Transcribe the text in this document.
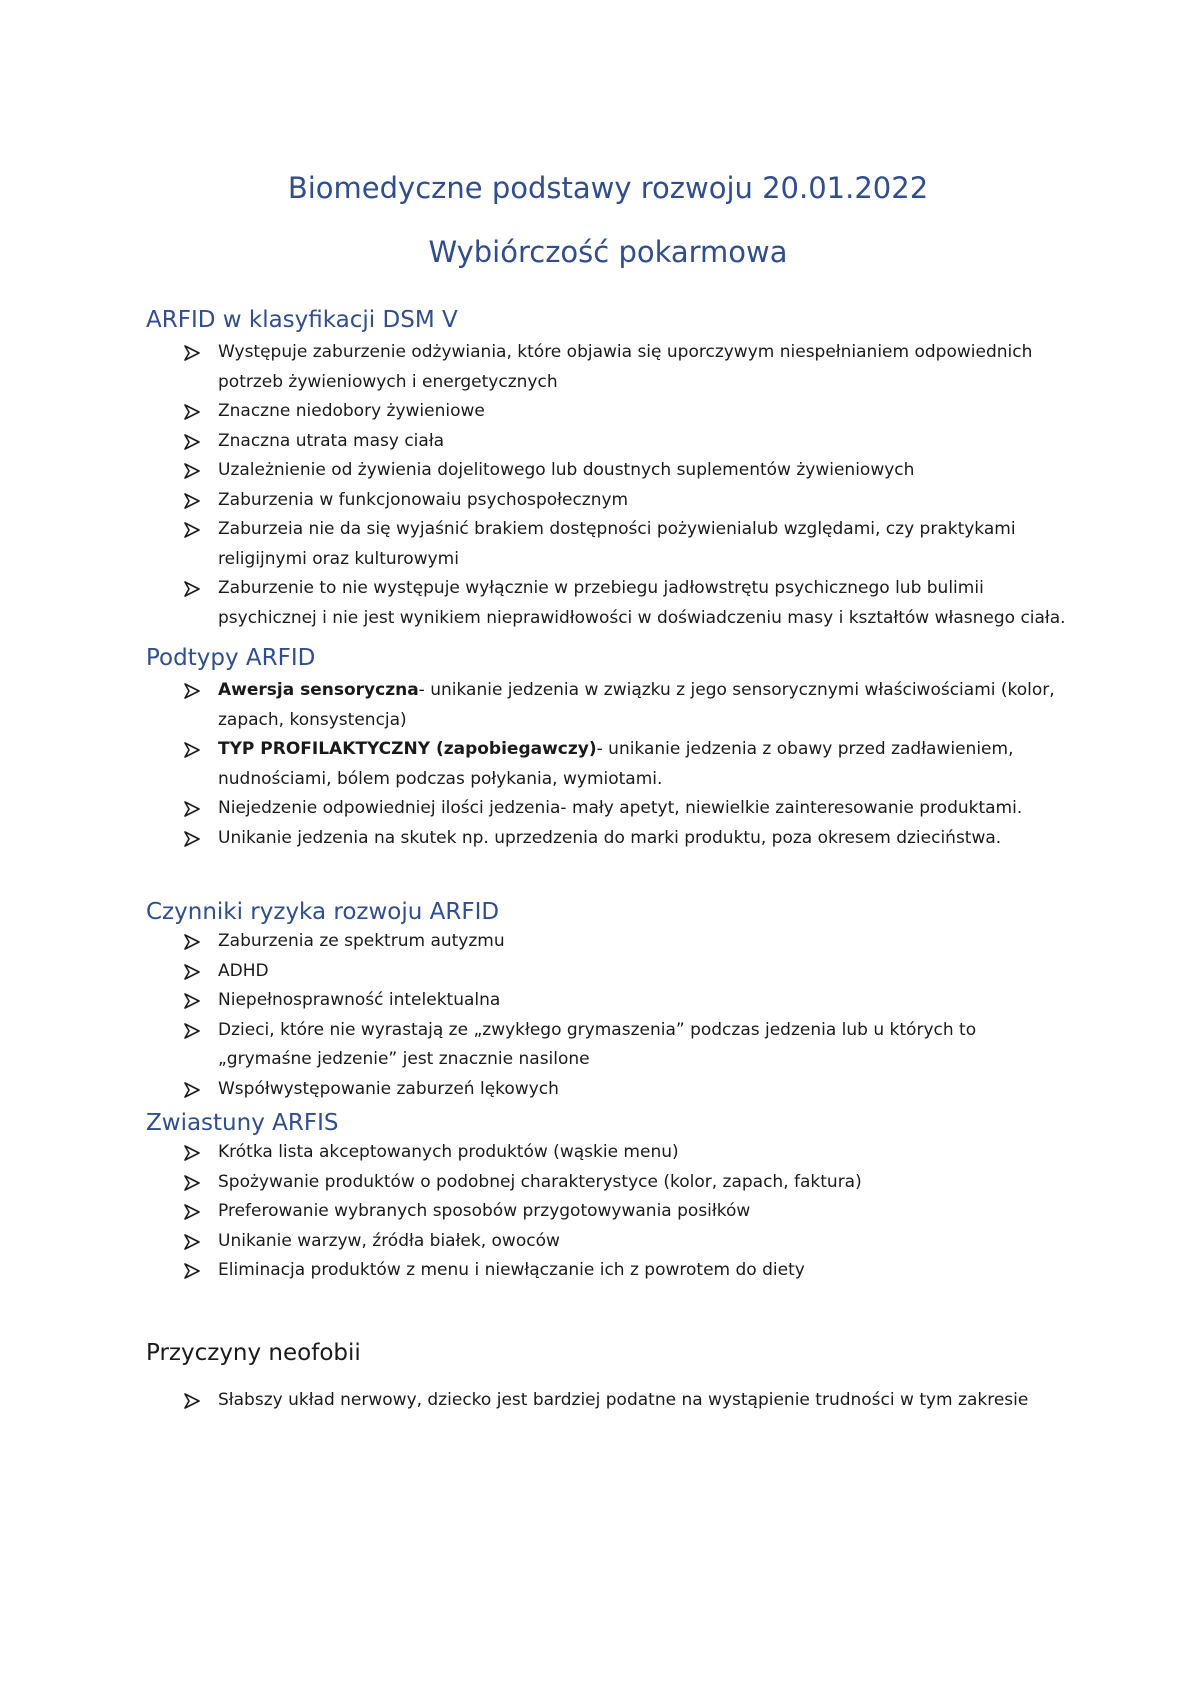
Biomedyczne podstawy rozwoju 20.01.2022
Wybiórczość pokarmowa
ARFID w klasyfikacji DSM V
Występuje zaburzenie odżywiania, które objawia się uporczywym niespełnianiem odpowiednich potrzeb żywieniowych i energetycznych
Znaczne niedobory żywieniowe
Znaczna utrata masy ciała
Uzależnienie od żywienia dojelitowego lub doustnych suplementów żywieniowych
Zaburzenia w funkcjonowaiu psychospołecznym
Zaburzeia nie da się wyjaśnić brakiem dostępności pożywienialub względami, czy praktykami religijnymi oraz kulturowymi
Zaburzenie to nie występuje wyłącznie w przebiegu jadłowstrętu psychicznego lub bulimii psychicznej i nie jest wynikiem nieprawidłowości w doświadczeniu masy i kształtów własnego ciała.
Podtypy ARFID
Awersja sensoryczna- unikanie jedzenia w związku z jego sensorycznymi właściwościami (kolor, zapach, konsystencja)
TYP PROFILAKTYCZNY (zapobiegawczy)- unikanie jedzenia z obawy przed zadławieniem, nudnościami, bólem podczas połykania, wymiotami.
Niejedzenie odpowiedniej ilości jedzenia- mały apetyt, niewielkie zainteresowanie produktami.
Unikanie jedzenia na skutek np. uprzedzenia do marki produktu, poza okresem dzieciństwa.
Czynniki ryzyka rozwoju ARFID
Zaburzenia ze spektrum autyzmu
ADHD
Niepełnosprawność intelektualna
Dzieci, które nie wyrastają ze „zwykłego grymaszenia” podczas jedzenia lub u których to „grymaśne jedzenie” jest znacznie nasilone
Współwystępowanie zaburzeń lękowych
Zwiastuny ARFIS
Krótka lista akceptowanych produktów (wąskie menu)
Spożywanie produktów o podobnej charakterystyce (kolor, zapach, faktura)
Preferowanie wybranych sposobów przygotowywania posiłków
Unikanie warzyw, źródła białek, owoców
Eliminacja produktów z menu i niewłączanie ich z powrotem do diety
Przyczyny neofobii
Słabszy układ nerwowy, dziecko jest bardziej podatne na wystąpienie trudności w tym zakresie
